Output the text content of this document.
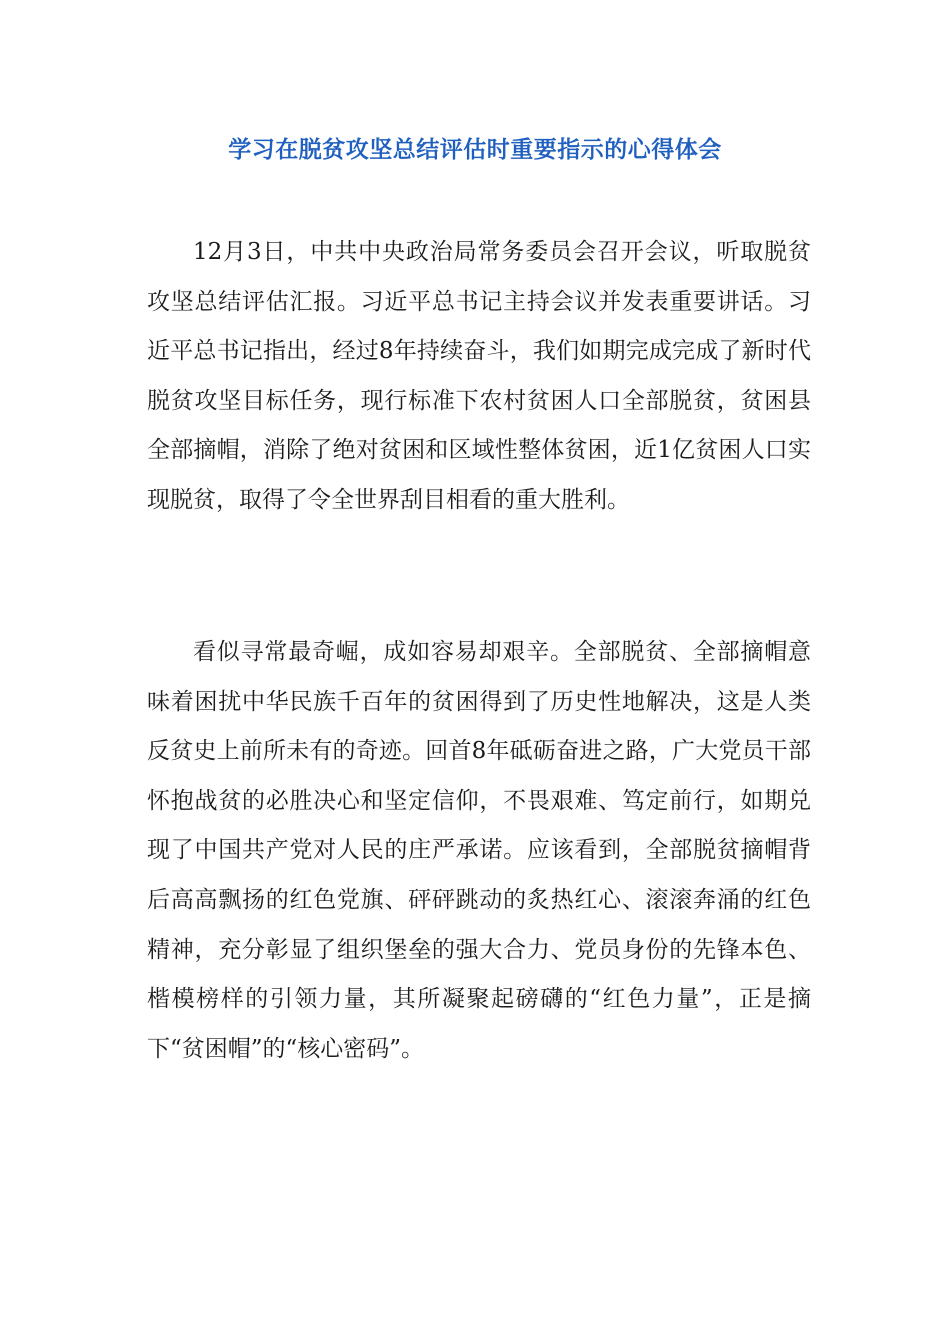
学习在脱贫攻坚总结评估时重要指示的心得体会

12月3日，中共中央政治局常务委员会召开会议，听取脱贫攻坚总结评估汇报。习近平总书记主持会议并发表重要讲话。习近平总书记指出，经过8年持续奋斗，我们如期完成完成了新时代脱贫攻坚目标任务，现行标准下农村贫困人口全部脱贫，贫困县全部摘帽，消除了绝对贫困和区域性整体贫困，近1亿贫困人口实现脱贫，取得了令全世界刮目相看的重大胜利。

看似寻常最奇崛，成如容易却艰辛。全部脱贫、全部摘帽意味着困扰中华民族千百年的贫困得到了历史性地解决，这是人类反贫史上前所未有的奇迹。回首8年砥砺奋进之路，广大党员干部怀抱战贫的必胜决心和坚定信仰，不畏艰难、笃定前行，如期兑现了中国共产党对人民的庄严承诺。应该看到，全部脱贫摘帽背后高高飘扬的红色党旗、砰砰跳动的炙热红心、滚滚奔涌的红色精神，充分彰显了组织堡垒的强大合力、党员身份的先锋本色、楷模榜样的引领力量，其所凝聚起磅礴的“红色力量”，正是摘下“贫困帽”的“核心密码”。
